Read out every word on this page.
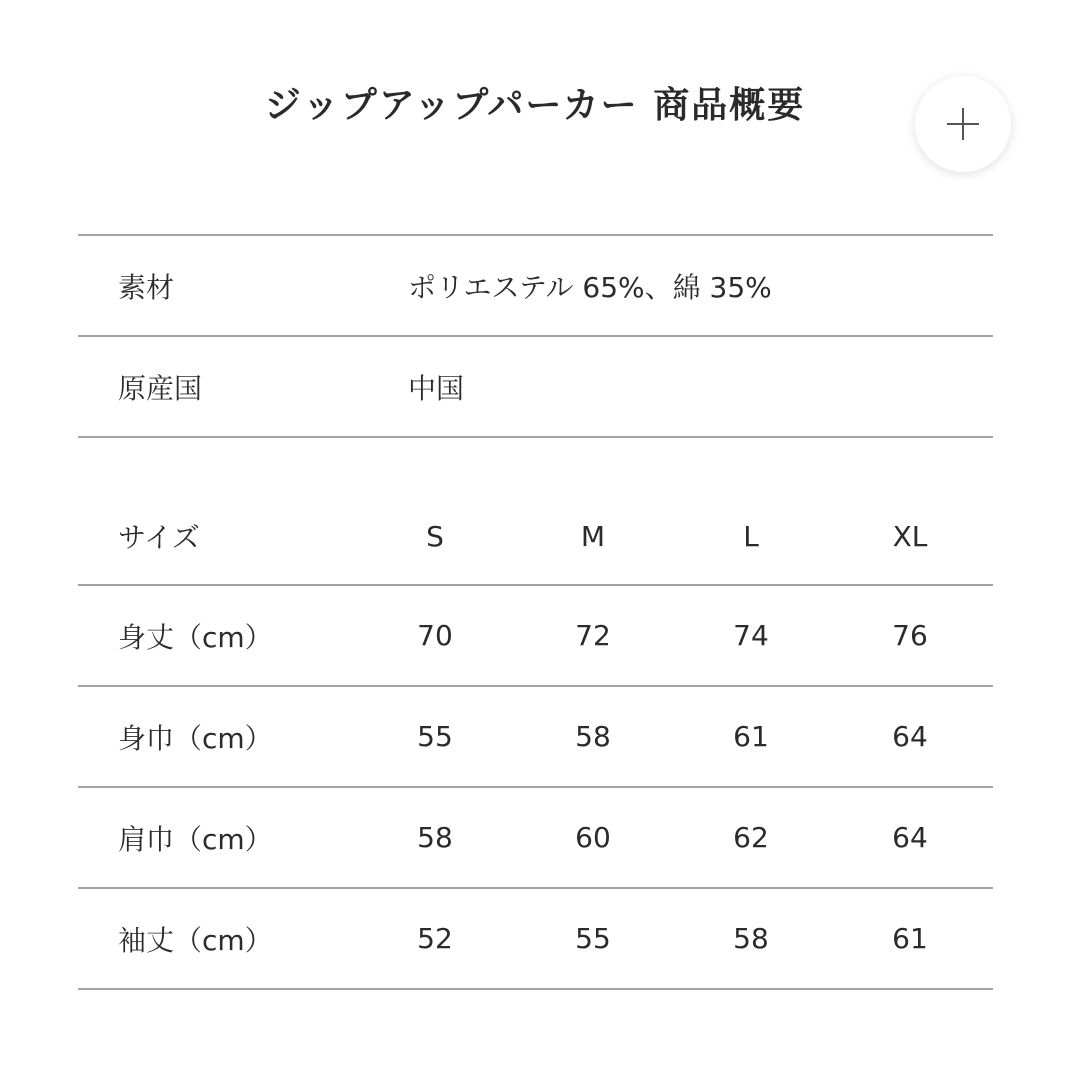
ジップアップパーカー 商品概要
素材	ポリエステル 65%、綿 35%
原産国	中国
サイズ	S	M	L	XL
身丈（cm）	70	72	74	76
身巾（cm）	55	58	61	64
肩巾（cm）	58	60	62	64
袖丈（cm）	52	55	58	61
